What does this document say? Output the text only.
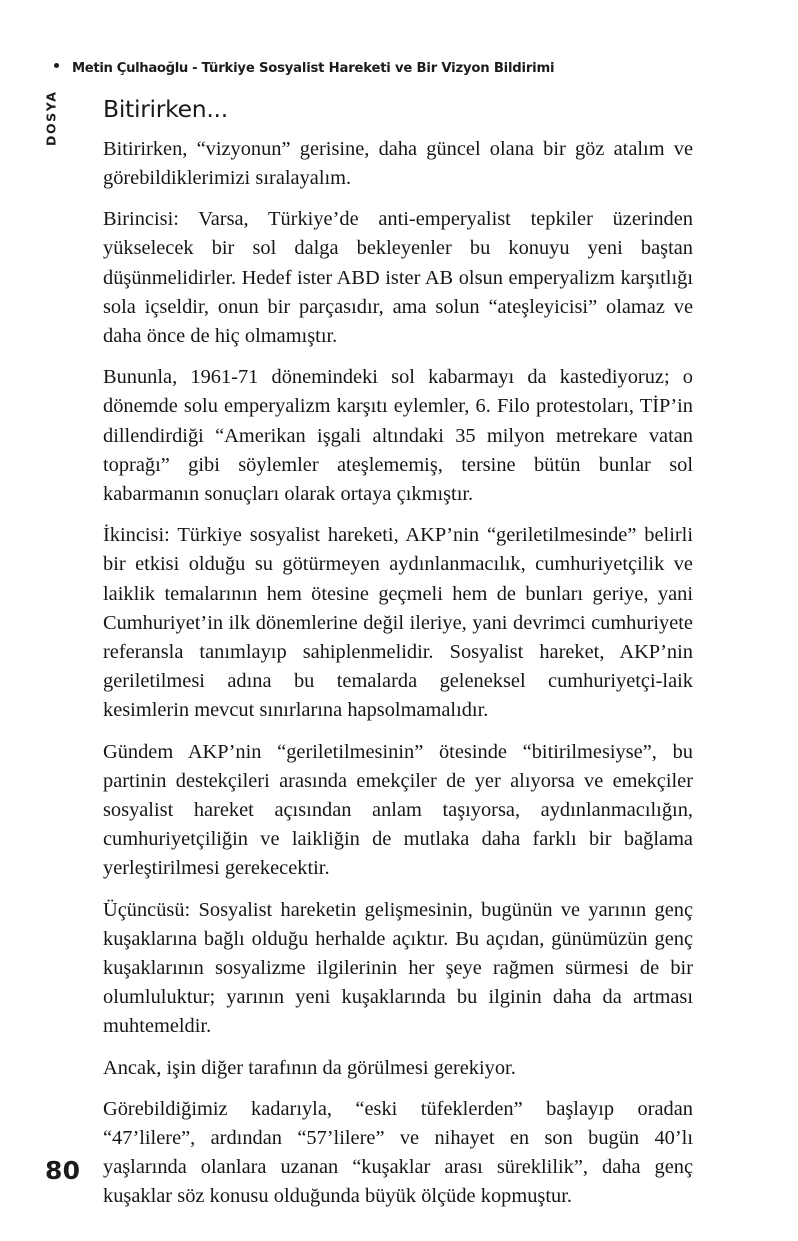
Metin Çulhaoğlu - Türkiye Sosyalist Hareketi ve Bir Vizyon Bildirimi
DOSYA Bitirirken...

Bitirirken, “vizyonun” gerisine, daha güncel olana bir göz atalım ve görebildiklerimizi sıralayalım.

Birincisi: Varsa, Türkiye’de anti-emperyalist tepkiler üzerinden yükselecek bir sol dalga bekleyenler bu konuyu yeni baştan düşünmelidirler. Hedef ister ABD ister AB olsun emperyalizm karşıtlığı sola içseldir, onun bir parçasıdır, ama solun “ateşleyicisi” olamaz ve daha önce de hiç olmamıştır.

Bununla, 1961-71 dönemindeki sol kabarmayı da kastediyoruz; o dönemde solu emperyalizm karşıtı eylemler, 6. Filo protestoları, TİP’in dillendirdiği “Amerikan işgali altındaki 35 milyon metrekare vatan toprağı” gibi söylemler ateşlememiş, tersine bütün bunlar sol kabarmanın sonuçları olarak ortaya çıkmıştır.

İkincisi: Türkiye sosyalist hareketi, AKP’nin “geriletilmesinde” belirli bir etkisi olduğu su götürmeyen aydınlanmacılık, cumhuriyetçilik ve laiklik temalarının hem ötesine geçmeli hem de bunları geriye, yani Cumhuriyet’in ilk dönemlerine değil ileriye, yani devrimci cumhuriyete referansla tanımlayıp sahiplenmelidir. Sosyalist hareket, AKP’nin geriletilmesi adına bu temalarda geleneksel cumhuriyetçi-laik kesimlerin mevcut sınırlarına hapsolmamalıdır.

Gündem AKP’nin “geriletilmesinin” ötesinde “bitirilmesiyse”, bu partinin destekçileri arasında emekçiler de yer alıyorsa ve emekçiler sosyalist hareket açısından anlam taşıyorsa, aydınlanmacılığın, cumhuriyetçiliğin ve laikliğin de mutlaka daha farklı bir bağlama yerleştirilmesi gerekecektir.

Üçüncüsü: Sosyalist hareketin gelişmesinin, bugünün ve yarının genç kuşaklarına bağlı olduğu herhalde açıktır. Bu açıdan, günümüzün genç kuşaklarının sosyalizme ilgilerinin her şeye rağmen sürmesi de bir olumluluktur; yarının yeni kuşaklarında bu ilginin daha da artması muhtemeldir.

Ancak, işin diğer tarafının da görülmesi gerekiyor.

Görebildiğimiz kadarıyla, “eski tüfeklerden” başlayıp oradan “47’lilere”, ardından “57’lilere” ve nihayet en son bugün 40’lı yaşlarında olanlara uzanan “kuşaklar arası süreklilik”, daha genç kuşaklar söz konusu olduğunda büyük ölçüde kopmuştur.

80
